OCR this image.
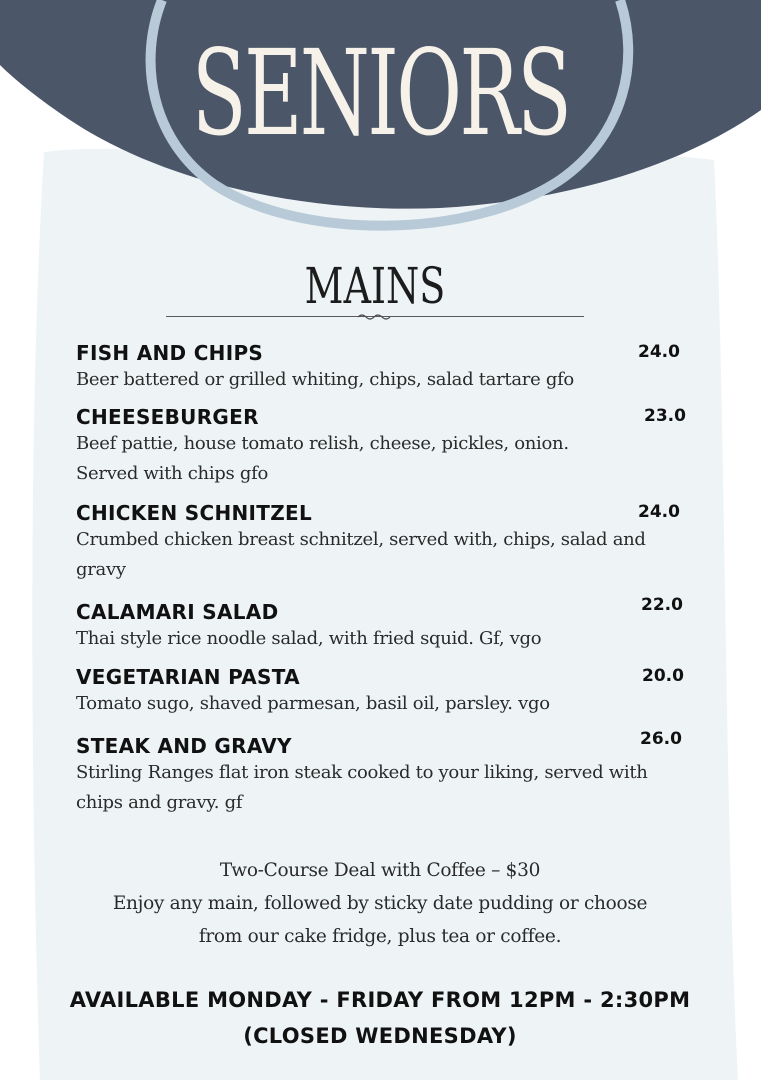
SENIORS
MAINS
FISH AND CHIPS	24.0
Beer battered or grilled whiting, chips, salad tartare gfo
CHEESEBURGER	23.0
Beef pattie, house tomato relish, cheese, pickles, onion. Served with chips gfo
CHICKEN SCHNITZEL	24.0
Crumbed chicken breast schnitzel, served with, chips, salad and gravy
CALAMARI SALAD	22.0
Thai style rice noodle salad, with fried squid. Gf, vgo
VEGETARIAN PASTA	20.0
Tomato sugo, shaved parmesan, basil oil, parsley. vgo
STEAK AND GRAVY	26.0
Stirling Ranges flat iron steak cooked to your liking, served with chips and gravy. gf
Two-Course Deal with Coffee – $30
Enjoy any main, followed by sticky date pudding or choose
from our cake fridge, plus tea or coffee.
AVAILABLE MONDAY - FRIDAY FROM 12PM - 2:30PM
(CLOSED WEDNESDAY)
